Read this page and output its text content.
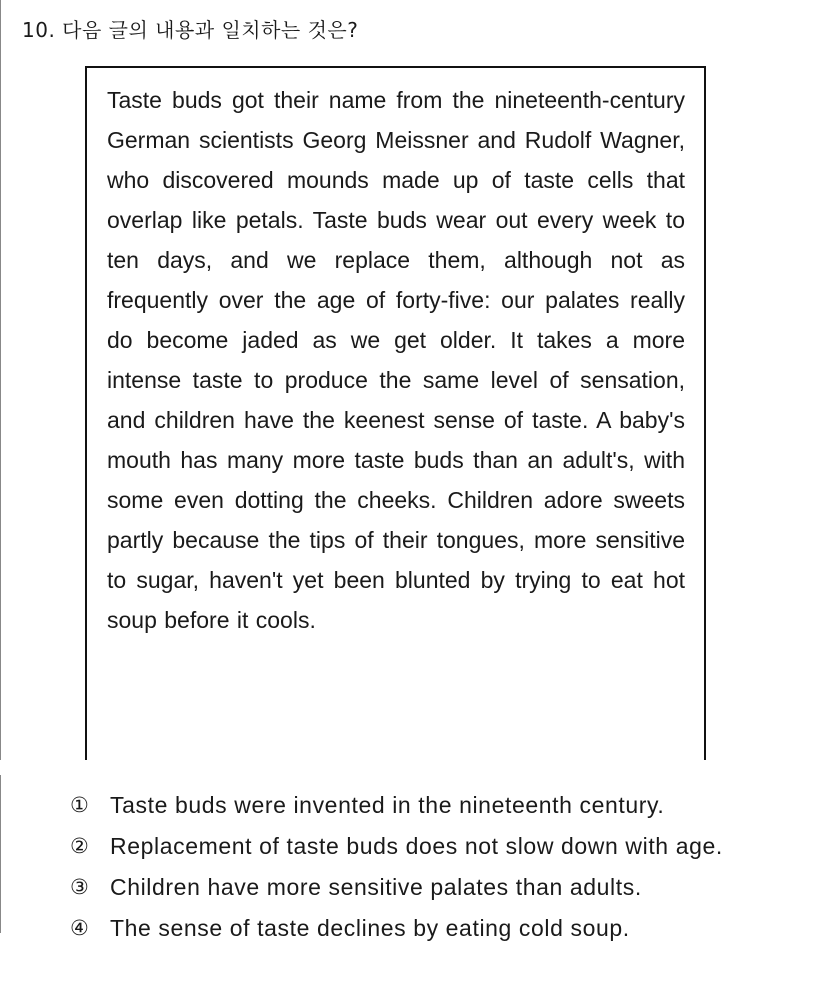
10. 다음 글의 내용과 일치하는 것은?

Taste buds got their name from the nineteenth-century German scientists Georg Meissner and Rudolf Wagner, who discovered mounds made up of taste cells that overlap like petals. Taste buds wear out every week to ten days, and we replace them, although not as frequently over the age of forty-five: our palates really do become jaded as we get older. It takes a more intense taste to produce the same level of sensation, and children have the keenest sense of taste. A baby's mouth has many more taste buds than an adult's, with some even dotting the cheeks. Children adore sweets partly because the tips of their tongues, more sensitive to sugar, haven't yet been blunted by trying to eat hot soup before it cools.

① Taste buds were invented in the nineteenth century.
② Replacement of taste buds does not slow down with age.
③ Children have more sensitive palates than adults.
④ The sense of taste declines by eating cold soup.
